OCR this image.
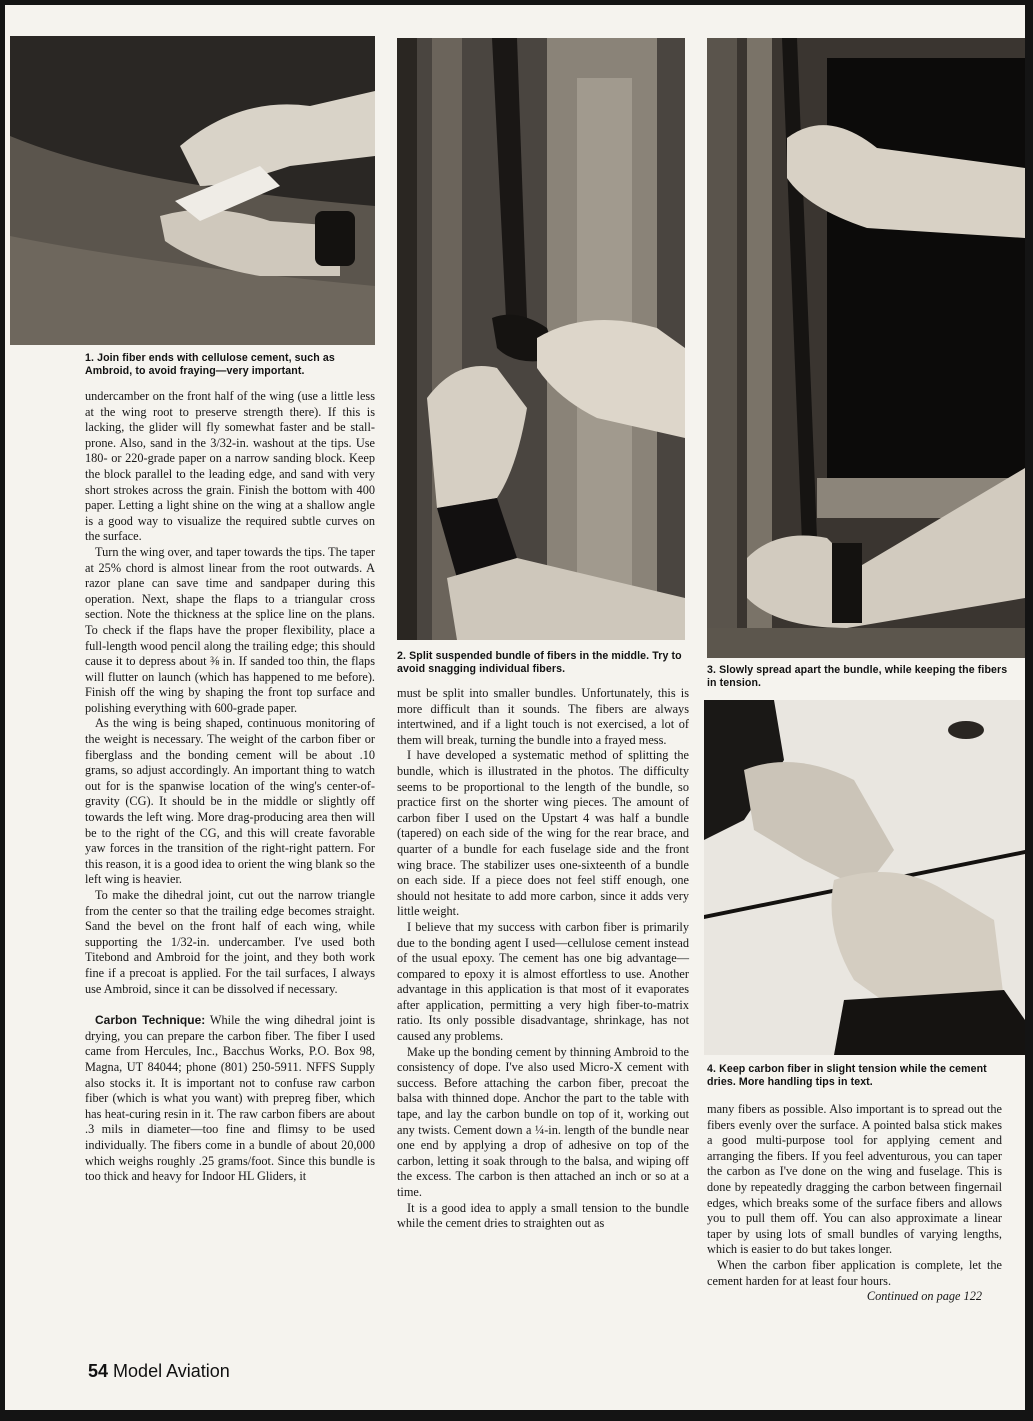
1. Join fiber ends with cellulose cement, such as Ambroid, to avoid fraying—very important.
2. Split suspended bundle of fibers in the middle. Try to avoid snagging individual fibers.	3. Slowly spread apart the bundle, while keeping the fibers in tension.
4. Keep carbon fiber in slight tension while the cement dries. More handling tips in text.

undercamber on the front half of the wing (use a little less at the wing root to preserve strength there). If this is lacking, the glider will fly somewhat faster and be stall-prone. Also, sand in the 3/32-in. washout at the tips. Use 180- or 220-grade paper on a narrow sanding block. Keep the block parallel to the leading edge, and sand with very short strokes across the grain. Finish the bottom with 400 paper. Letting a light shine on the wing at a shallow angle is a good way to visualize the required subtle curves on the surface.

Turn the wing over, and taper towards the tips. The taper at 25% chord is almost linear from the root outwards. A razor plane can save time and sandpaper during this operation. Next, shape the flaps to a triangular cross section. Note the thickness at the splice line on the plans. To check if the flaps have the proper flexibility, place a full-length wood pencil along the trailing edge; this should cause it to depress about ⅜ in. If sanded too thin, the flaps will flutter on launch (which has happened to me before). Finish off the wing by shaping the front top surface and polishing everything with 600-grade paper.

As the wing is being shaped, continuous monitoring of the weight is necessary. The weight of the carbon fiber or fiberglass and the bonding cement will be about .10 grams, so adjust accordingly. An important thing to watch out for is the spanwise location of the wing's center-of-gravity (CG). It should be in the middle or slightly off towards the left wing. More drag-producing area then will be to the right of the CG, and this will create favorable yaw forces in the transition of the right-right pattern. For this reason, it is a good idea to orient the wing blank so the left wing is heavier.

To make the dihedral joint, cut out the narrow triangle from the center so that the trailing edge becomes straight. Sand the bevel on the front half of each wing, while supporting the 1/32-in. undercamber. I've used both Titebond and Ambroid for the joint, and they both work fine if a precoat is applied. For the tail surfaces, I always use Ambroid, since it can be dissolved if necessary.

Carbon Technique: While the wing dihedral joint is drying, you can prepare the carbon fiber. The fiber I used came from Hercules, Inc., Bacchus Works, P.O. Box 98, Magna, UT 84044; phone (801) 250-5911. NFFS Supply also stocks it. It is important not to confuse raw carbon fiber (which is what you want) with prepreg fiber, which has heat-curing resin in it. The raw carbon fibers are about .3 mils in diameter—too fine and flimsy to be used individually. The fibers come in a bundle of about 20,000 which weighs roughly .25 grams/foot. Since this bundle is too thick and heavy for Indoor HL Gliders, it

must be split into smaller bundles. Unfortunately, this is more difficult than it sounds. The fibers are always intertwined, and if a light touch is not exercised, a lot of them will break, turning the bundle into a frayed mess.

I have developed a systematic method of splitting the bundle, which is illustrated in the photos. The difficulty seems to be proportional to the length of the bundle, so practice first on the shorter wing pieces. The amount of carbon fiber I used on the Upstart 4 was half a bundle (tapered) on each side of the wing for the rear brace, and quarter of a bundle for each fuselage side and the front wing brace. The stabilizer uses one-sixteenth of a bundle on each side. If a piece does not feel stiff enough, one should not hesitate to add more carbon, since it adds very little weight.

I believe that my success with carbon fiber is primarily due to the bonding agent I used—cellulose cement instead of the usual epoxy. The cement has one big advantage—compared to epoxy it is almost effortless to use. Another advantage in this application is that most of it evaporates after application, permitting a very high fiber-to-matrix ratio. Its only possible disadvantage, shrinkage, has not caused any problems.

Make up the bonding cement by thinning Ambroid to the consistency of dope. I've also used Micro-X cement with success. Before attaching the carbon fiber, precoat the balsa with thinned dope. Anchor the part to the table with tape, and lay the carbon bundle on top of it, working out any twists. Cement down a ¼-in. length of the bundle near one end by applying a drop of adhesive on top of the carbon, letting it soak through to the balsa, and wiping off the excess. The carbon is then attached an inch or so at a time.

It is a good idea to apply a small tension to the bundle while the cement dries to straighten out as

many fibers as possible. Also important is to spread out the fibers evenly over the surface. A pointed balsa stick makes a good multi-purpose tool for applying cement and arranging the fibers. If you feel adventurous, you can taper the carbon as I've done on the wing and fuselage. This is done by repeatedly dragging the carbon between fingernail edges, which breaks some of the surface fibers and allows you to pull them off. You can also approximate a linear taper by using lots of small bundles of varying lengths, which is easier to do but takes longer.

When the carbon fiber application is complete, let the cement harden for at least four hours.

Continued on page 122

54 Model Aviation
